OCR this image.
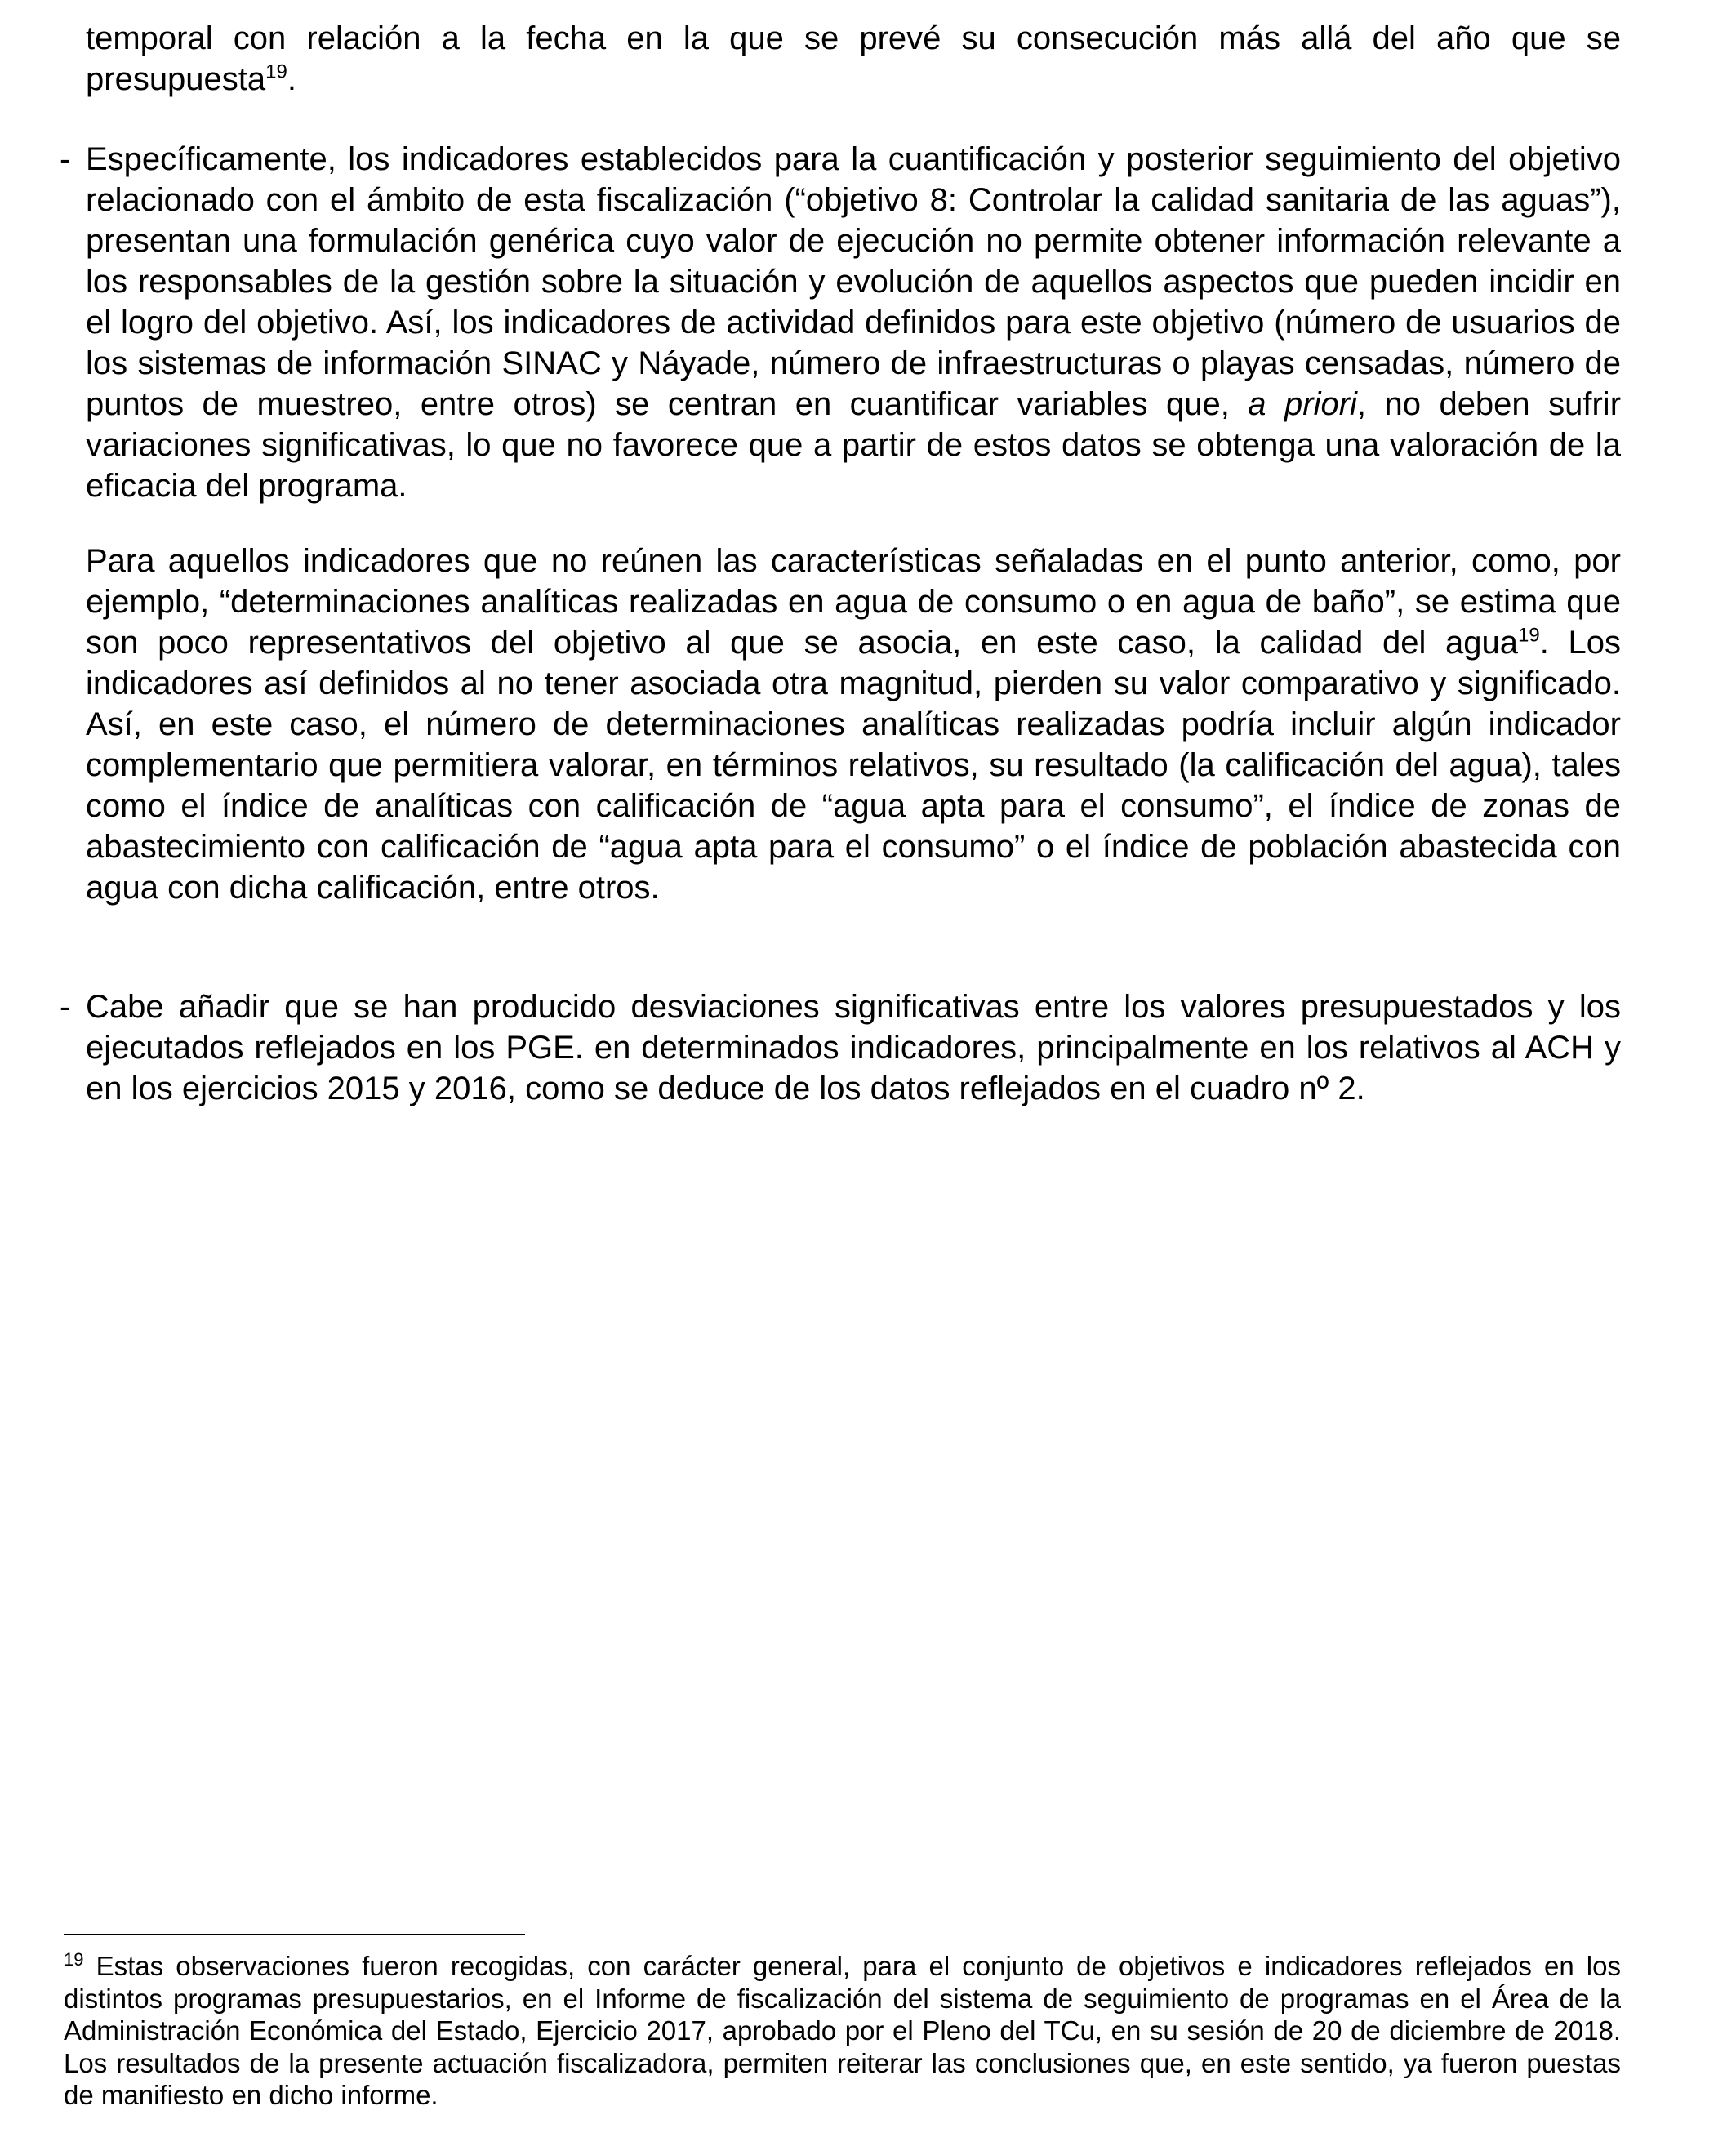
temporal con relación a la fecha en la que se prevé su consecución más allá del año que se presupuesta$^{19}$.

- Específicamente, los indicadores establecidos para la cuantificación y posterior seguimiento del objetivo relacionado con el ámbito de esta fiscalización (“objetivo 8: Controlar la calidad sanitaria de las aguas”), presentan una formulación genérica cuyo valor de ejecución no permite obtener información relevante a los responsables de la gestión sobre la situación y evolución de aquellos aspectos que pueden incidir en el logro del objetivo. Así, los indicadores de actividad definidos para este objetivo (número de usuarios de los sistemas de información SINAC y Náyade, número de infraestructuras o playas censadas, número de puntos de muestreo, entre otros) se centran en cuantificar variables que, a priori, no deben sufrir variaciones significativas, lo que no favorece que a partir de estos datos se obtenga una valoración de la eficacia del programa.

Para aquellos indicadores que no reúnen las características señaladas en el punto anterior, como, por ejemplo, “determinaciones analíticas realizadas en agua de consumo o en agua de baño”, se estima que son poco representativos del objetivo al que se asocia, en este caso, la calidad del agua$^{19}$. Los indicadores así definidos al no tener asociada otra magnitud, pierden su valor comparativo y significado. Así, en este caso, el número de determinaciones analíticas realizadas podría incluir algún indicador complementario que permitiera valorar, en términos relativos, su resultado (la calificación del agua), tales como el índice de analíticas con calificación de “agua apta para el consumo”, el índice de zonas de abastecimiento con calificación de “agua apta para el consumo” o el índice de población abastecida con agua con dicha calificación, entre otros.

- Cabe añadir que se han producido desviaciones significativas entre los valores presupuestados y los ejecutados reflejados en los PGE. en determinados indicadores, principalmente en los relativos al ACH y en los ejercicios 2015 y 2016, como se deduce de los datos reflejados en el cuadro nº 2.

$^{19}$ Estas observaciones fueron recogidas, con carácter general, para el conjunto de objetivos e indicadores reflejados en los distintos programas presupuestarios, en el Informe de fiscalización del sistema de seguimiento de programas en el Área de la Administración Económica del Estado, Ejercicio 2017, aprobado por el Pleno del TCu, en su sesión de 20 de diciembre de 2018. Los resultados de la presente actuación fiscalizadora, permiten reiterar las conclusiones que, en este sentido, ya fueron puestas de manifiesto en dicho informe.
